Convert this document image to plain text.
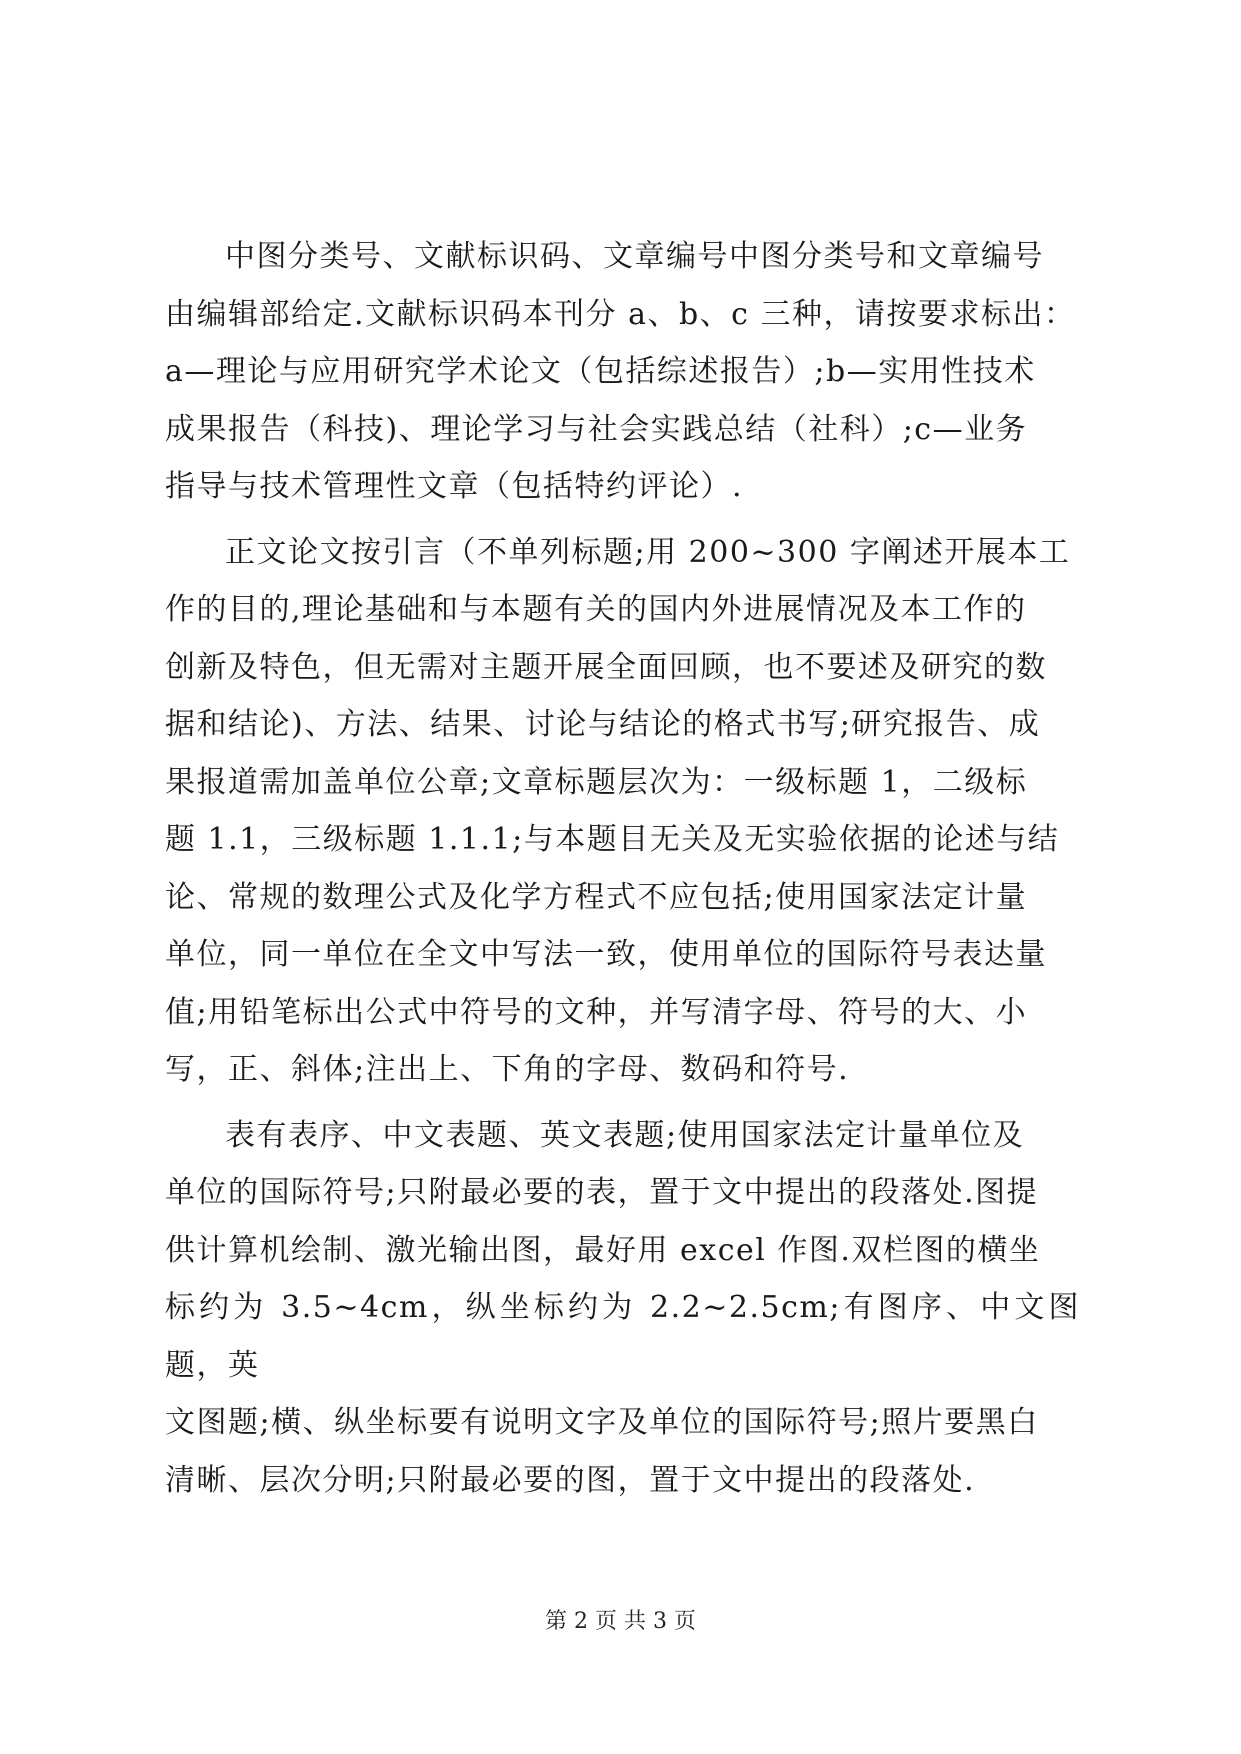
中图分类号、文献标识码、文章编号中图分类号和文章编号
由编辑部给定.文献标识码本刊分 a、b、c 三种，请按要求标出：
a—理论与应用研究学术论文（包括综述报告）;b—实用性技术
成果报告（科技)、理论学习与社会实践总结（社科）;c—业务
指导与技术管理性文章（包括特约评论）.

正文论文按引言（不单列标题;用 200~300 字阐述开展本工
作的目的,理论基础和与本题有关的国内外进展情况及本工作的
创新及特色，但无需对主题开展全面回顾，也不要述及研究的数
据和结论)、方法、结果、讨论与结论的格式书写;研究报告、成
果报道需加盖单位公章;文章标题层次为：一级标题 1，二级标
题 1.1，三级标题 1.1.1;与本题目无关及无实验依据的论述与结
论、常规的数理公式及化学方程式不应包括;使用国家法定计量
单位，同一单位在全文中写法一致，使用单位的国际符号表达量
值;用铅笔标出公式中符号的文种，并写清字母、符号的大、小
写，正、斜体;注出上、下角的字母、数码和符号.

表有表序、中文表题、英文表题;使用国家法定计量单位及
单位的国际符号;只附最必要的表，置于文中提出的段落处.图提
供计算机绘制、激光输出图，最好用 excel 作图.双栏图的横坐
标约为 3.5~4cm，纵坐标约为 2.2~2.5cm;有图序、中文图题，英
文图题;横、纵坐标要有说明文字及单位的国际符号;照片要黑白
清晰、层次分明;只附最必要的图，置于文中提出的段落处.

第 2 页 共 3 页
